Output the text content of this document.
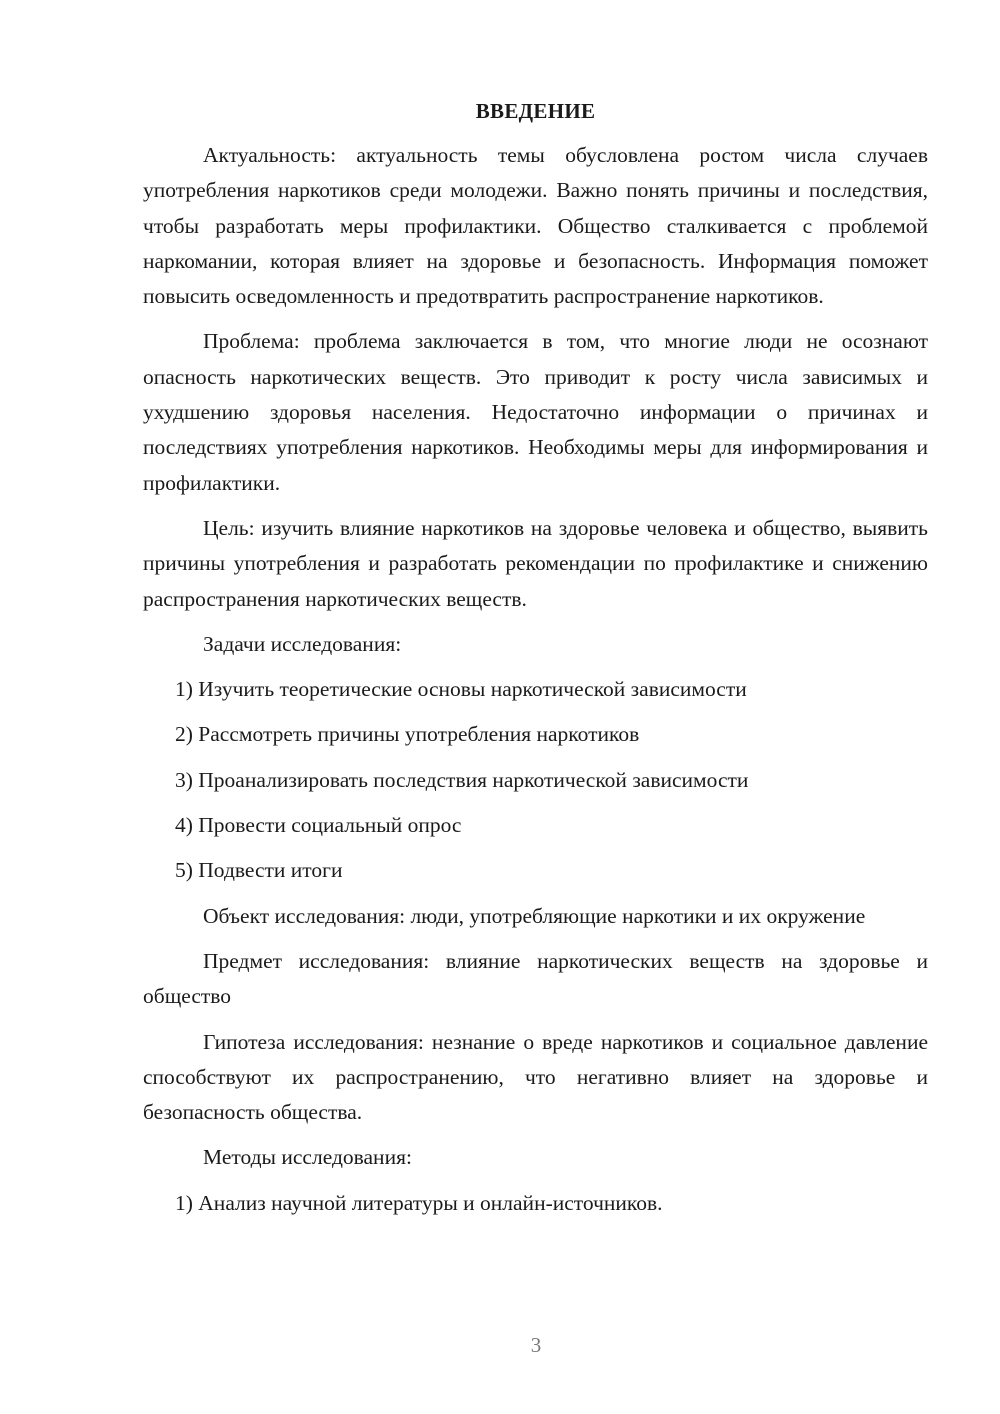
ВВЕДЕНИЕ

Актуальность: актуальность темы обусловлена ростом числа случаев употребления наркотиков среди молодежи. Важно понять причины и последствия, чтобы разработать меры профилактики. Общество сталкивается с проблемой наркомании, которая влияет на здоровье и безопасность. Информация поможет повысить осведомленность и предотвратить распространение наркотиков.

Проблема: проблема заключается в том, что многие люди не осознают опасность наркотических веществ. Это приводит к росту числа зависимых и ухудшению здоровья населения. Недостаточно информации о причинах и последствиях употребления наркотиков. Необходимы меры для информирования и профилактики.

Цель: изучить влияние наркотиков на здоровье человека и общество, выявить причины употребления и разработать рекомендации по профилактике и снижению распространения наркотических веществ.

Задачи исследования:

1) Изучить теоретические основы наркотической зависимости

2) Рассмотреть причины употребления наркотиков

3) Проанализировать последствия наркотической зависимости

4) Провести социальный опрос

5) Подвести итоги

Объект исследования: люди, употребляющие наркотики и их окружение

Предмет исследования: влияние наркотических веществ на здоровье и общество

Гипотеза исследования: незнание о вреде наркотиков и социальное давление способствуют их распространению, что негативно влияет на здоровье и безопасность общества.

Методы исследования:

1) Анализ научной литературы и онлайн-источников.

3
